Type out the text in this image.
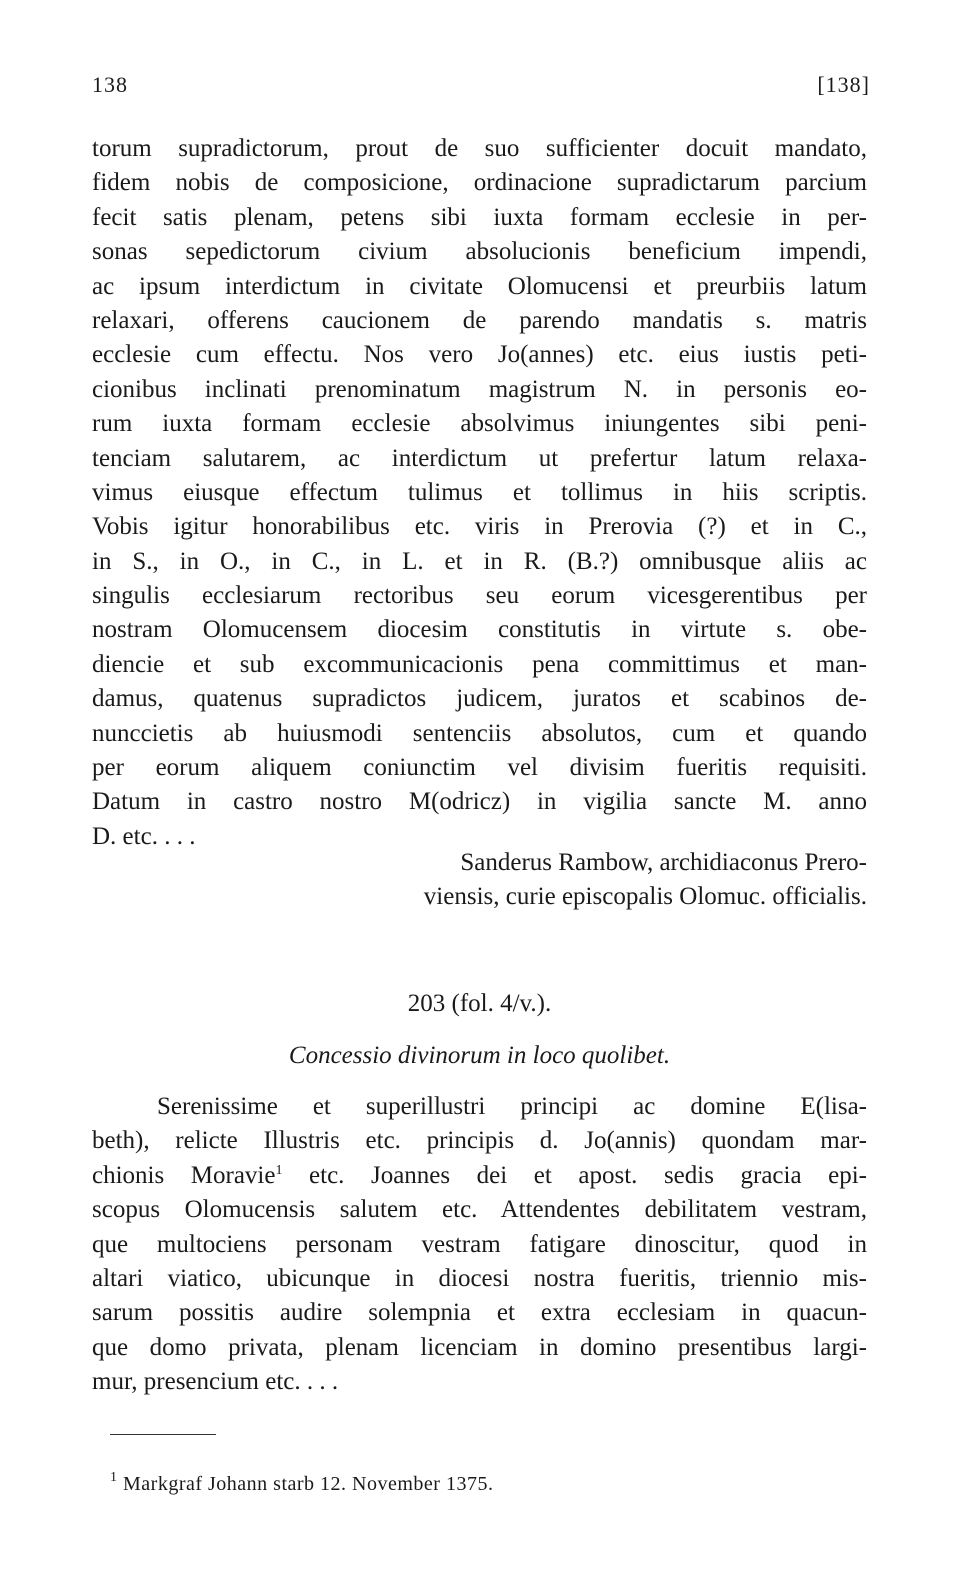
138	[138]
torum supradictorum, prout de suo sufficienter docuit mandato,
fidem nobis de composicione, ordinacione supradictarum parcium
fecit satis plenam, petens sibi iuxta formam ecclesie in per-
sonas sepedictorum civium absolucionis beneficium impendi,
ac ipsum interdictum in civitate Olomucensi et preurbiis latum
relaxari, offerens caucionem de parendo mandatis s. matris
ecclesie cum effectu. Nos vero Jo(annes) etc. eius iustis peti-
cionibus inclinati prenominatum magistrum N. in personis eo-
rum iuxta formam ecclesie absolvimus iniungentes sibi peni-
tenciam salutarem, ac interdictum ut prefertur latum relaxa-
vimus eiusque effectum tulimus et tollimus in hiis scriptis.
Vobis igitur honorabilibus etc. viris in Prerovia (?) et in C.,
in S., in O., in C., in L. et in R. (B.?) omnibusque aliis ac
singulis ecclesiarum rectoribus seu eorum vicesgerentibus per
nostram Olomucensem diocesim constitutis in virtute s. obe-
diencie et sub excommunicacionis pena committimus et man-
damus, quatenus supradictos judicem, juratos et scabinos de-
nunccietis ab huiusmodi sentenciis absolutos, cum et quando
per eorum aliquem coniunctim vel divisim fueritis requisiti.
Datum in castro nostro M(odricz) in vigilia sancte M. anno
D. etc. . . .
Sanderus Rambow, archidiaconus Prero-
viensis, curie episcopalis Olomuc. officialis.
203 (fol. 4/v.).
Concessio divinorum in loco quolibet.
Serenissime et superillustri principi ac domine E(lisa-
beth), relicte Illustris etc. principis d. Jo(annis) quondam mar-
chionis Moravie$^1$ etc. Joannes dei et apost. sedis gracia epi-
scopus Olomucensis salutem etc. Attendentes debilitatem vestram,
que multociens personam vestram fatigare dinoscitur, quod in
altari viatico, ubicunque in diocesi nostra fueritis, triennio mis-
sarum possitis audire solempnia et extra ecclesiam in quacun-
que domo privata, plenam licenciam in domino presentibus largi-
mur, presencium etc. . . .
$^1$ Markgraf Johann starb 12. November 1375.
